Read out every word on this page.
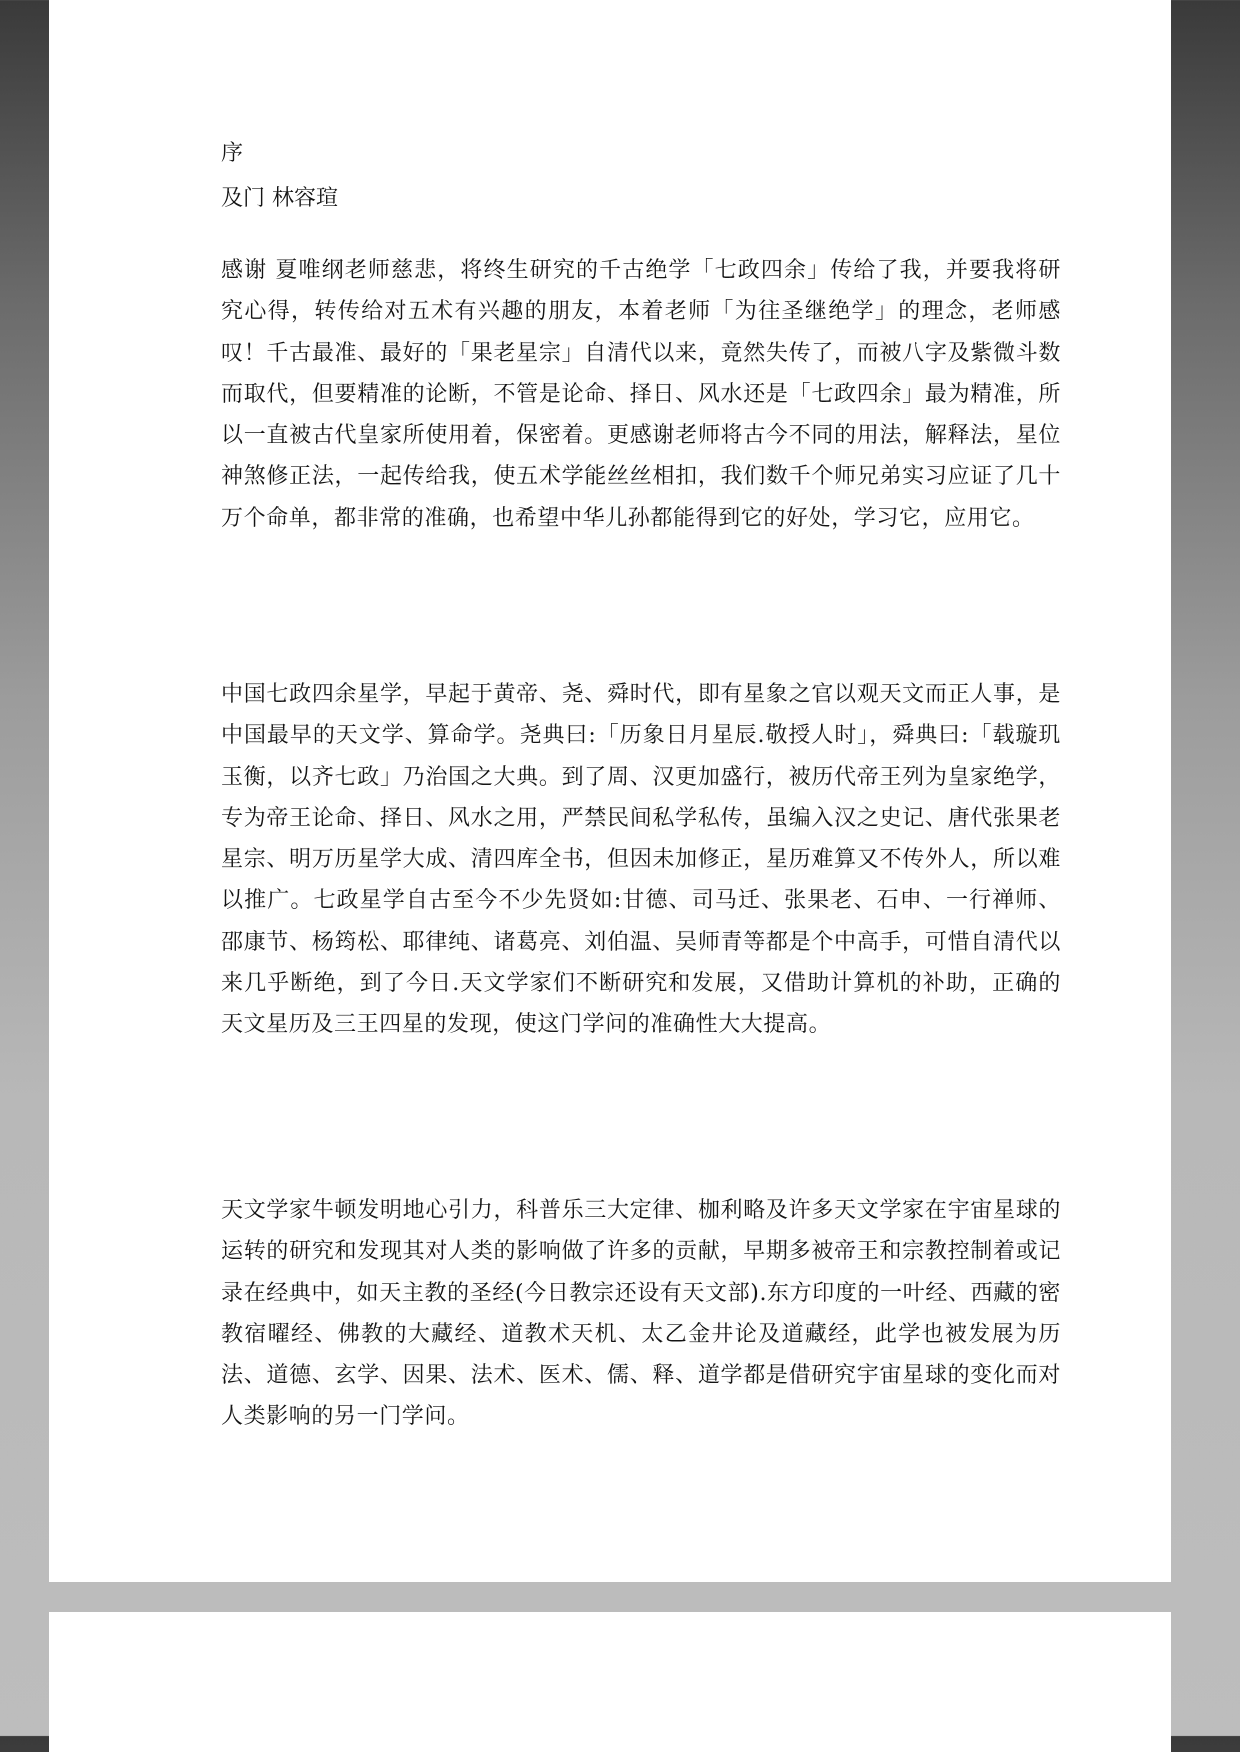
序
及门 林容瑄
感谢 夏唯纲老师慈悲，将终生研究的千古绝学「七政四余」传给了我，并要我将研究心得，转传给对五术有兴趣的朋友，本着老师「为往圣继绝学」的理念，老师感叹！千古最准、最好的「果老星宗」自清代以来，竟然失传了，而被八字及紫微斗数而取代，但要精准的论断，不管是论命、择日、风水还是「七政四余」最为精准，所以一直被古代皇家所使用着，保密着。更感谢老师将古今不同的用法，解释法，星位神煞修正法，一起传给我，使五术学能丝丝相扣，我们数千个师兄弟实习应证了几十万个命单，都非常的准确，也希望中华儿孙都能得到它的好处，学习它，应用它。
中国七政四余星学，早起于黄帝、尧、舜时代，即有星象之官以观天文而正人事，是中国最早的天文学、算命学。尧典曰:「历象日月星辰.敬授人时」，舜典曰:「载璇玑玉衡，以齐七政」乃治国之大典。到了周、汉更加盛行，被历代帝王列为皇家绝学，专为帝王论命、择日、风水之用，严禁民间私学私传，虽编入汉之史记、唐代张果老星宗、明万历星学大成、清四库全书，但因未加修正，星历难算又不传外人，所以难以推广。七政星学自古至今不少先贤如:甘德、司马迁、张果老、石申、一行禅师、邵康节、杨筠松、耶律纯、诸葛亮、刘伯温、吴师青等都是个中高手，可惜自清代以来几乎断绝，到了今日.天文学家们不断研究和发展，又借助计算机的补助，正确的天文星历及三王四星的发现，使这门学问的准确性大大提高。
天文学家牛顿发明地心引力，科普乐三大定律、枷利略及许多天文学家在宇宙星球的运转的研究和发现其对人类的影响做了许多的贡献，早期多被帝王和宗教控制着或记录在经典中，如天主教的圣经(今日教宗还设有天文部).东方印度的一叶经、西藏的密教宿曜经、佛教的大藏经、道教术天机、太乙金井论及道藏经，此学也被发展为历法、道德、玄学、因果、法术、医术、儒、释、道学都是借研究宇宙星球的变化而对人类影响的另一门学问。
